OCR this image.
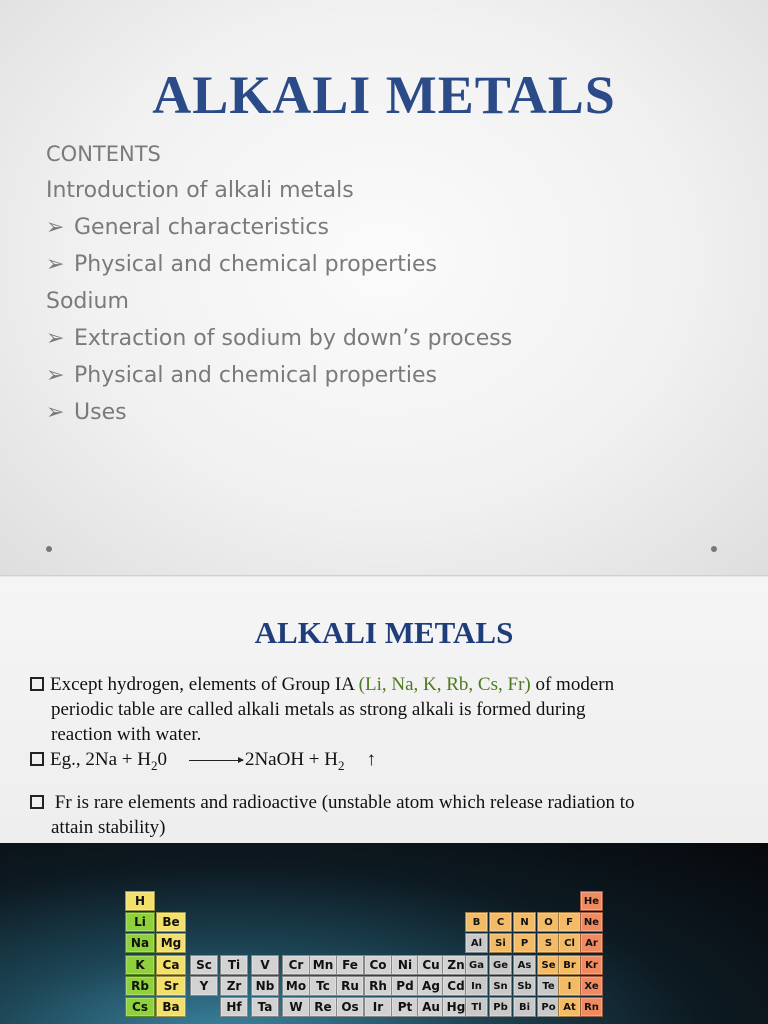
ALKALI METALS
CONTENTS
Introduction of alkali metals
➢ General characteristics
➢ Physical and chemical properties
Sodium
➢ Extraction of sodium by down’s process
➢ Physical and chemical properties
➢ Uses
ALKALI METALS
Except hydrogen, elements of Group IA (Li, Na, K, Rb, Cs, Fr) of modern
periodic table are called alkali metals as strong alkali is formed during
reaction with water.
Eg., $2Na + H_20$ → 2NaOH + $H_2$ ↑
Fr is rare elements and radioactive (unstable atom which release radiation to
attain stability)
H	He
Li	Be	B	C	N	O	F	Ne
Na Mg	Al	Si	P	S	Cl	Ar
K	Ca	Sc	Ti	V	Cr Mn Fe Co Ni Cu Zn Ga Ge As	Se Br Kr
Rb	Sr	Y	Zr	Nb Mo Tc Ru Rh Pd Ag Cd In	Sn Sb	Te	I	Xe
Cs	Ba	Hf	Ta	W Re Os	Ir	Pt Au Hg Tl	Pb	Bi	Po At Rn
